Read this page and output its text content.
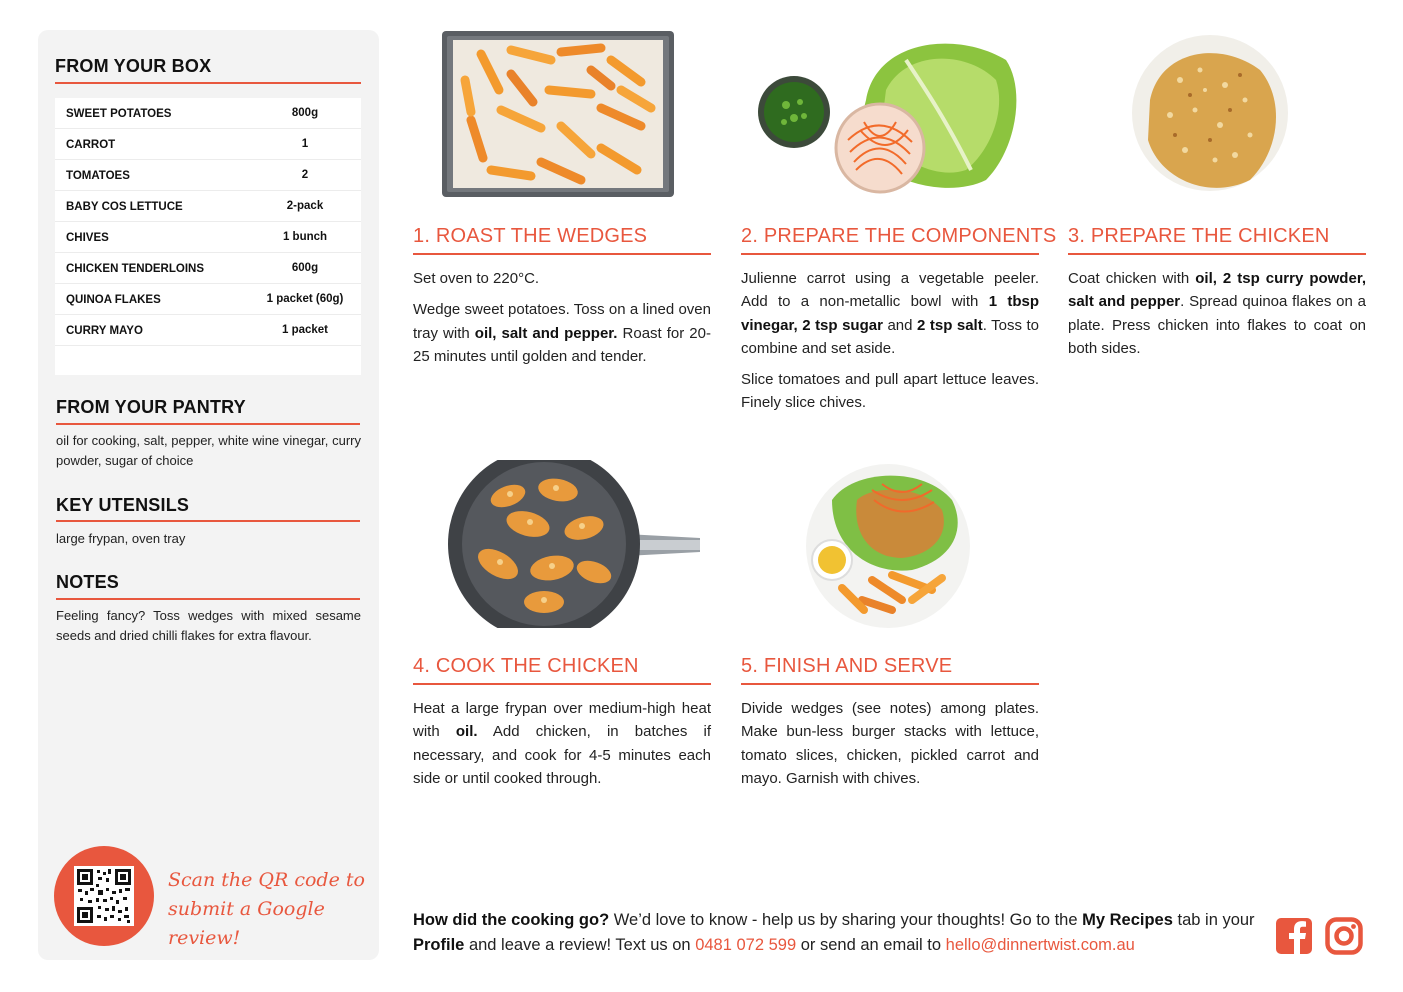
FROM YOUR BOX
SWEET POTATOES	800g
CARROT	1
TOMATOES	2
BABY COS LETTUCE	2-pack
CHIVES	1 bunch
CHICKEN TENDERLOINS	600g
QUINOA FLAKES	1 packet (60g)
CURRY MAYO	1 packet
FROM YOUR PANTRY
oil for cooking, salt, pepper, white wine vinegar, curry powder, sugar of choice
KEY UTENSILS
large frypan, oven tray
NOTES
Feeling fancy? Toss wedges with mixed sesame seeds and dried chilli flakes for extra flavour.
Scan the QR code to
submit a Google review!
1. ROAST THE WEDGES

Set oven to 220°C.

Wedge sweet potatoes. Toss on a lined oven tray with oil, salt and pepper. Roast for 20-25 minutes until golden and tender.

2. PREPARE THE COMPONENTS

Julienne carrot using a vegetable peeler. Add to a non-metallic bowl with 1 tbsp vinegar, 2 tsp sugar and 2 tsp salt. Toss to combine and set aside.

Slice tomatoes and pull apart lettuce leaves. Finely slice chives.

3. PREPARE THE CHICKEN

Coat chicken with oil, 2 tsp curry powder, salt and pepper. Spread quinoa flakes on a plate. Press chicken into flakes to coat on both sides.

4. COOK THE CHICKEN

Heat a large frypan over medium-high heat with oil. Add chicken, in batches if necessary, and cook for 4-5 minutes each side or until cooked through.

5. FINISH AND SERVE

Divide wedges (see notes) among plates. Make bun-less burger stacks with lettuce, tomato slices, chicken, pickled carrot and mayo. Garnish with chives.

How did the cooking go? We’d love to know - help us by sharing your thoughts! Go to the My Recipes tab in your Profile and leave a review! Text us on 0481 072 599 or send an email to hello@dinnertwist.com.au
